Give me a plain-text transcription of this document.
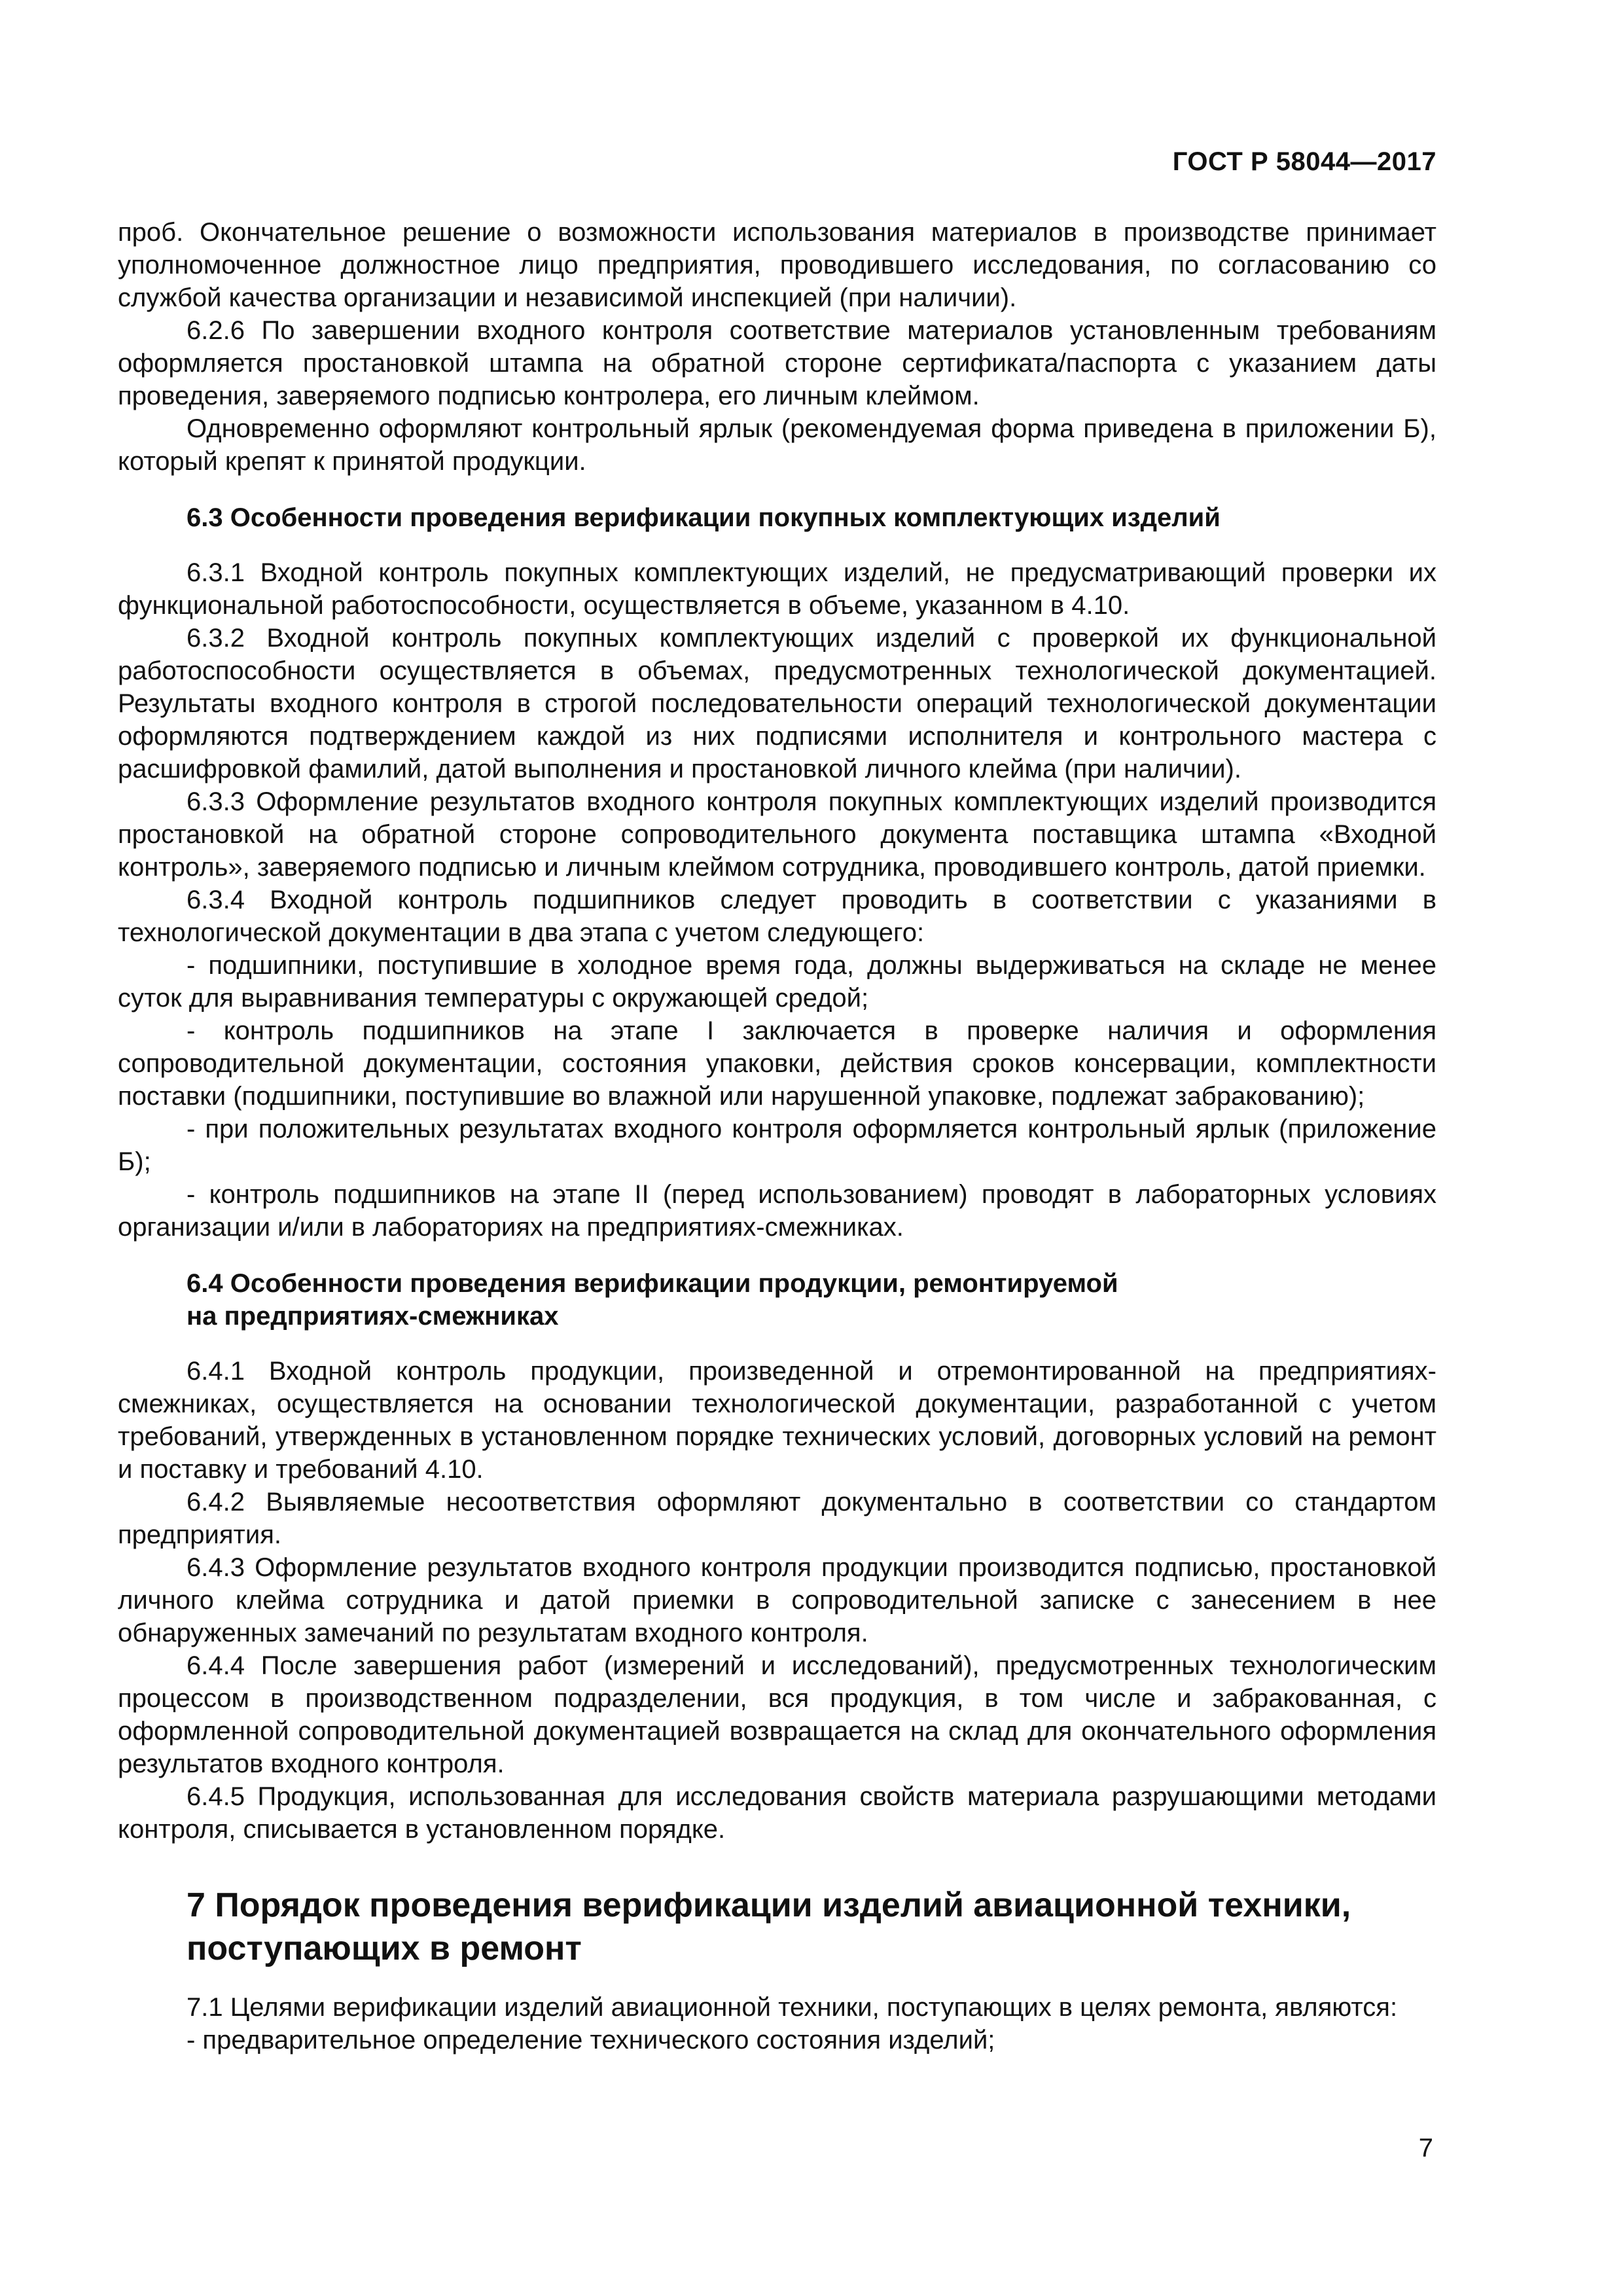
ГОСТ Р 58044—2017

проб. Окончательное решение о возможности использования материалов в производстве принимает уполномоченное должностное лицо предприятия, проводившего исследования, по согласованию со службой качества организации и независимой инспекцией (при наличии).

6.2.6 По завершении входного контроля соответствие материалов установленным требованиям оформляется простановкой штампа на обратной стороне сертификата/паспорта с указанием даты проведения, заверяемого подписью контролера, его личным клеймом.

Одновременно оформляют контрольный ярлык (рекомендуемая форма приведена в приложении Б), который крепят к принятой продукции.

6.3 Особенности проведения верификации покупных комплектующих изделий

6.3.1 Входной контроль покупных комплектующих изделий, не предусматривающий проверки их функциональной работоспособности, осуществляется в объеме, указанном в 4.10.

6.3.2 Входной контроль покупных комплектующих изделий с проверкой их функциональной работоспособности осуществляется в объемах, предусмотренных технологической документацией. Результаты входного контроля в строгой последовательности операций технологической документации оформляются подтверждением каждой из них подписями исполнителя и контрольного мастера с расшифровкой фамилий, датой выполнения и простановкой личного клейма (при наличии).

6.3.3 Оформление результатов входного контроля покупных комплектующих изделий производится простановкой на обратной стороне сопроводительного документа поставщика штампа «Входной контроль», заверяемого подписью и личным клеймом сотрудника, проводившего контроль, датой приемки.

6.3.4 Входной контроль подшипников следует проводить в соответствии с указаниями в технологической документации в два этапа с учетом следующего:

- подшипники, поступившие в холодное время года, должны выдерживаться на складе не менее суток для выравнивания температуры с окружающей средой;

- контроль подшипников на этапе I заключается в проверке наличия и оформления сопроводительной документации, состояния упаковки, действия сроков консервации, комплектности поставки (подшипники, поступившие во влажной или нарушенной упаковке, подлежат забракованию);

- при положительных результатах входного контроля оформляется контрольный ярлык (приложение Б);

- контроль подшипников на этапе II (перед использованием) проводят в лабораторных условиях организации и/или в лабораториях на предприятиях-смежниках.

6.4 Особенности проведения верификации продукции, ремонтируемой
на предприятиях-смежниках

6.4.1 Входной контроль продукции, произведенной и отремонтированной на предприятиях-смежниках, осуществляется на основании технологической документации, разработанной с учетом требований, утвержденных в установленном порядке технических условий, договорных условий на ремонт и поставку и требований 4.10.

6.4.2 Выявляемые несоответствия оформляют документально в соответствии со стандартом предприятия.

6.4.3 Оформление результатов входного контроля продукции производится подписью, простановкой личного клейма сотрудника и датой приемки в сопроводительной записке с занесением в нее обнаруженных замечаний по результатам входного контроля.

6.4.4 После завершения работ (измерений и исследований), предусмотренных технологическим процессом в производственном подразделении, вся продукция, в том числе и забракованная, с оформленной сопроводительной документацией возвращается на склад для окончательного оформления результатов входного контроля.

6.4.5 Продукция, использованная для исследования свойств материала разрушающими методами контроля, списывается в установленном порядке.

7 Порядок проведения верификации изделий авиационной техники,
поступающих в ремонт

7.1 Целями верификации изделий авиационной техники, поступающих в целях ремонта, являются:

- предварительное определение технического состояния изделий;

7
